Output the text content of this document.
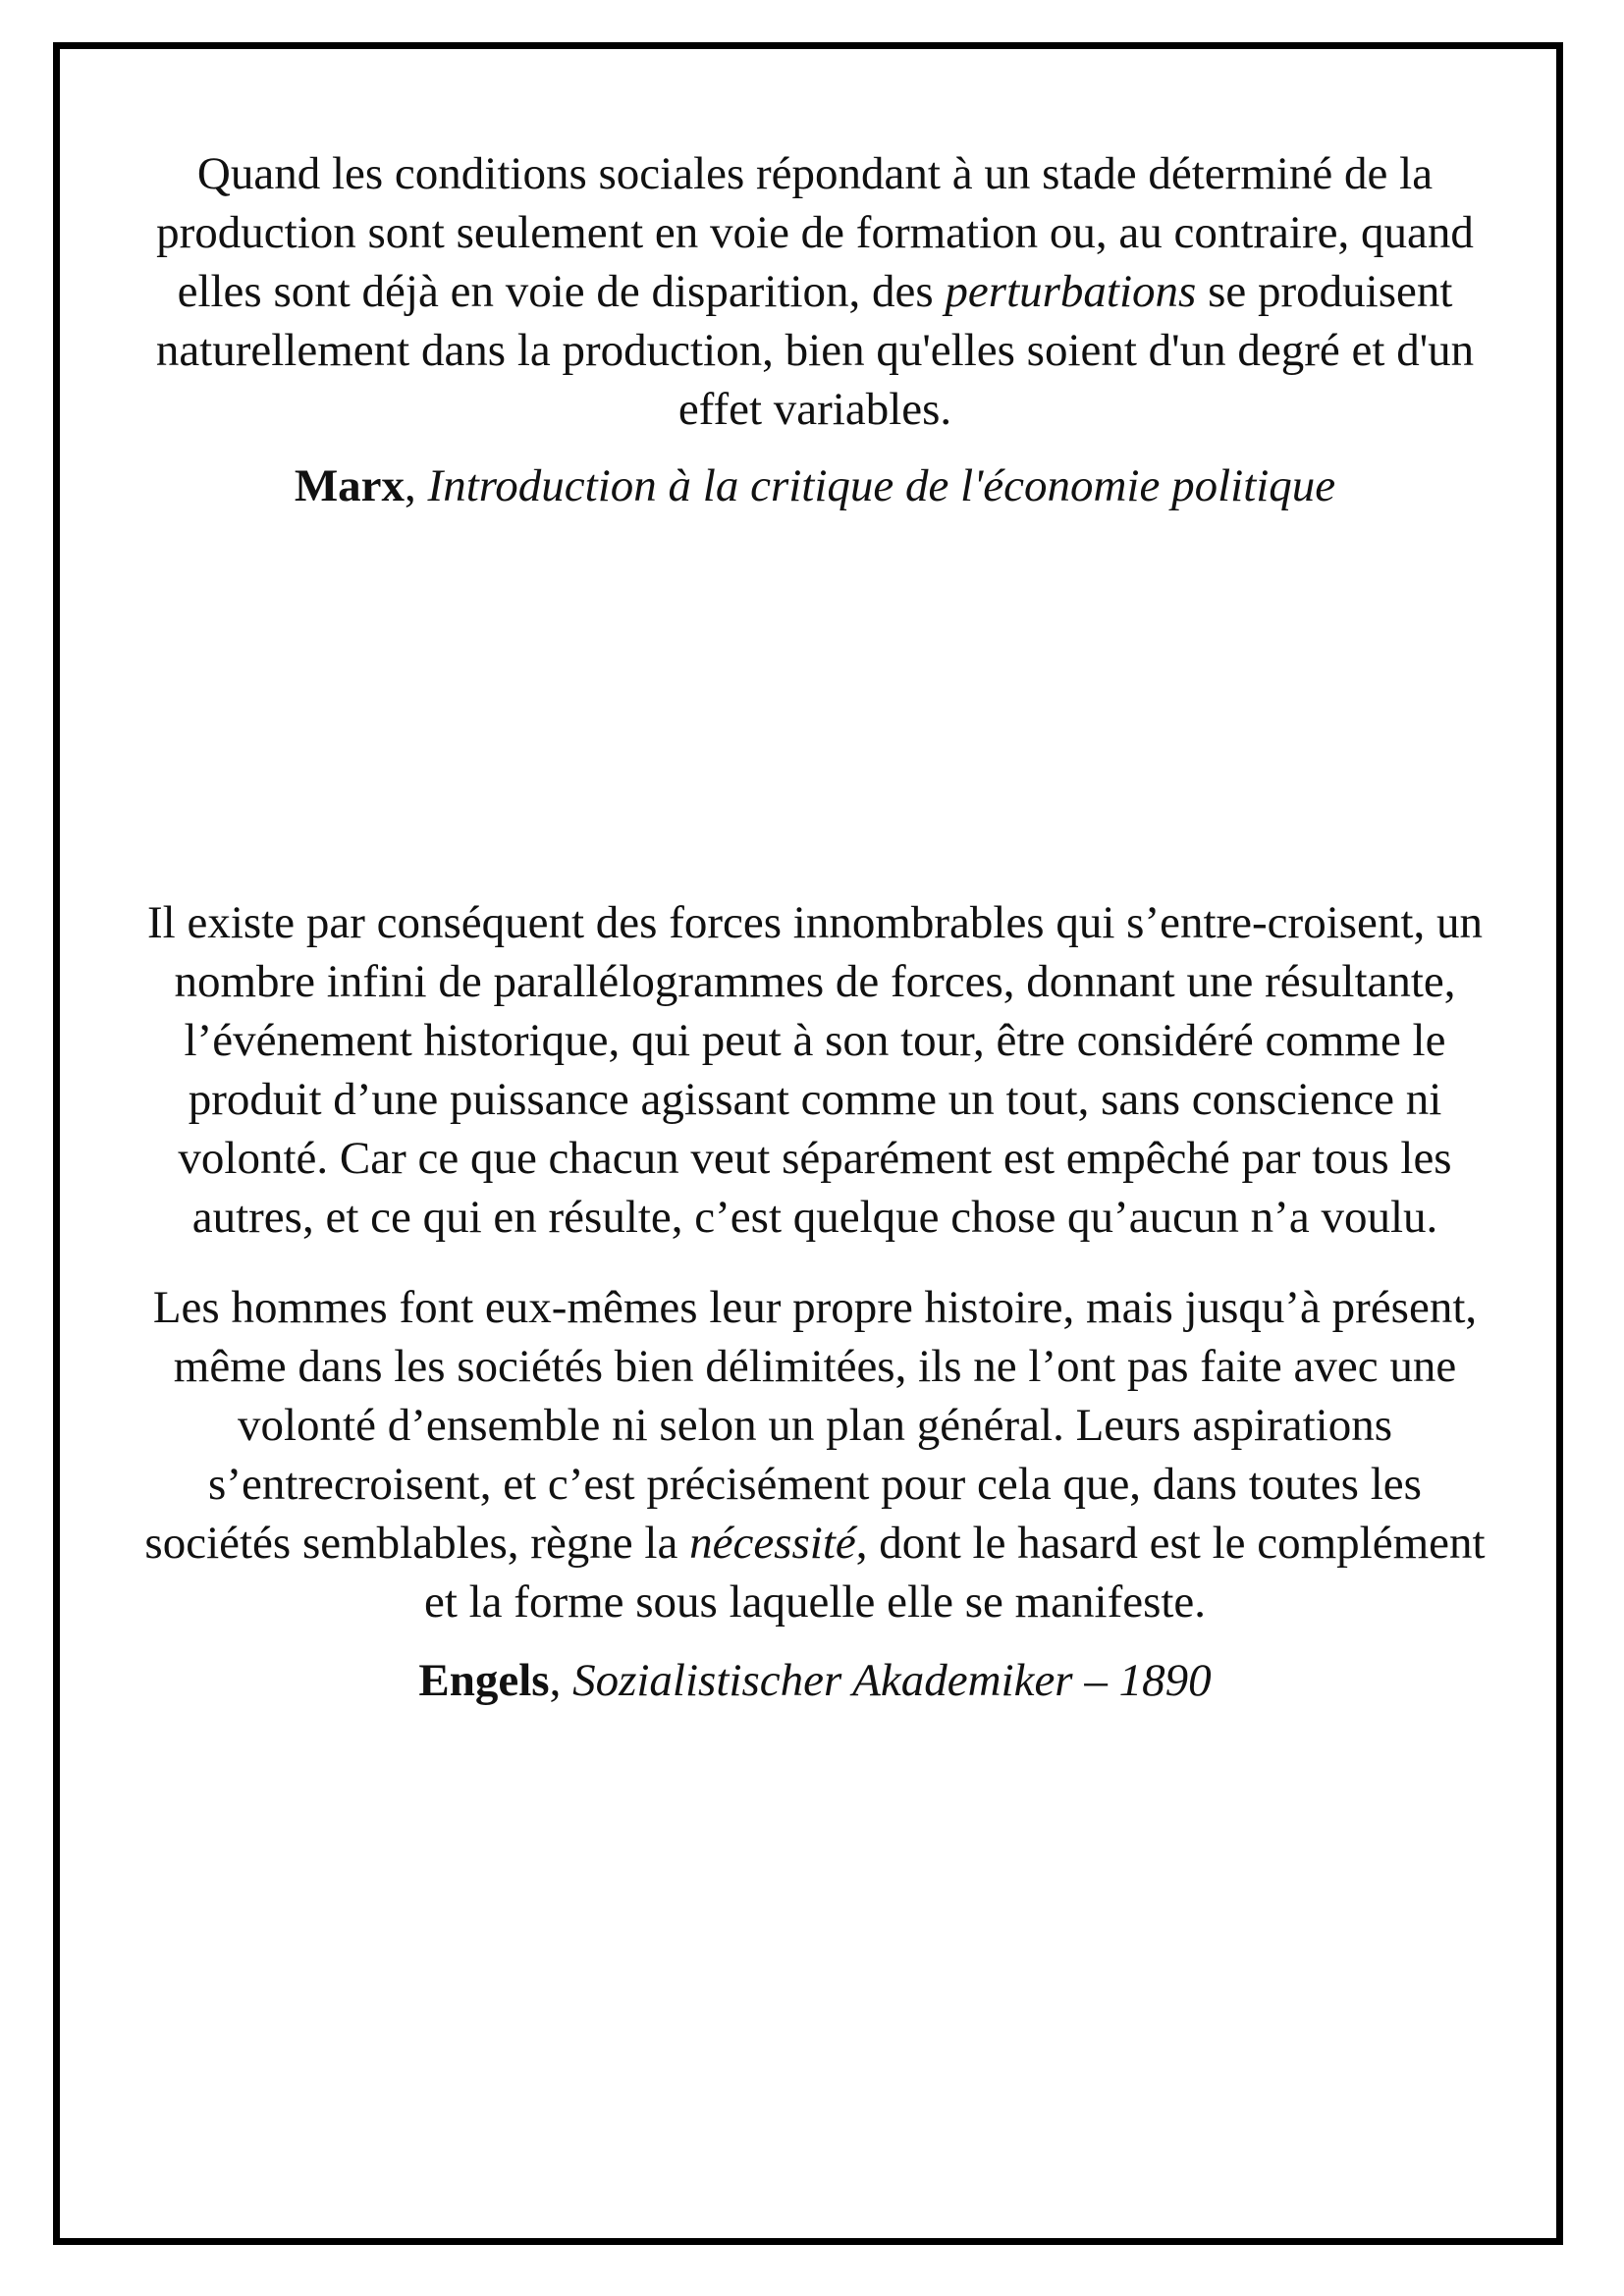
Quand les conditions sociales répondant à un stade déterminé de la production sont seulement en voie de formation ou, au contraire, quand elles sont déjà en voie de disparition, des perturbations se produisent naturellement dans la production, bien qu'elles soient d'un degré et d'un effet variables.

Marx, Introduction à la critique de l'économie politique

Il existe par conséquent des forces innombrables qui s’entre-croisent, un nombre infini de parallélogrammes de forces, donnant une résultante, l’événement historique, qui peut à son tour, être considéré comme le produit d’une puissance agissant comme un tout, sans conscience ni volonté. Car ce que chacun veut séparément est empêché par tous les autres, et ce qui en résulte, c’est quelque chose qu’aucun n’a voulu.

Les hommes font eux-mêmes leur propre histoire, mais jusqu’à présent, même dans les sociétés bien délimitées, ils ne l’ont pas faite avec une volonté d’ensemble ni selon un plan général. Leurs aspirations s’entrecroisent, et c’est précisément pour cela que, dans toutes les sociétés semblables, règne la nécessité, dont le hasard est le complément et la forme sous laquelle elle se manifeste.

Engels, Sozialistischer Akademiker – 1890
